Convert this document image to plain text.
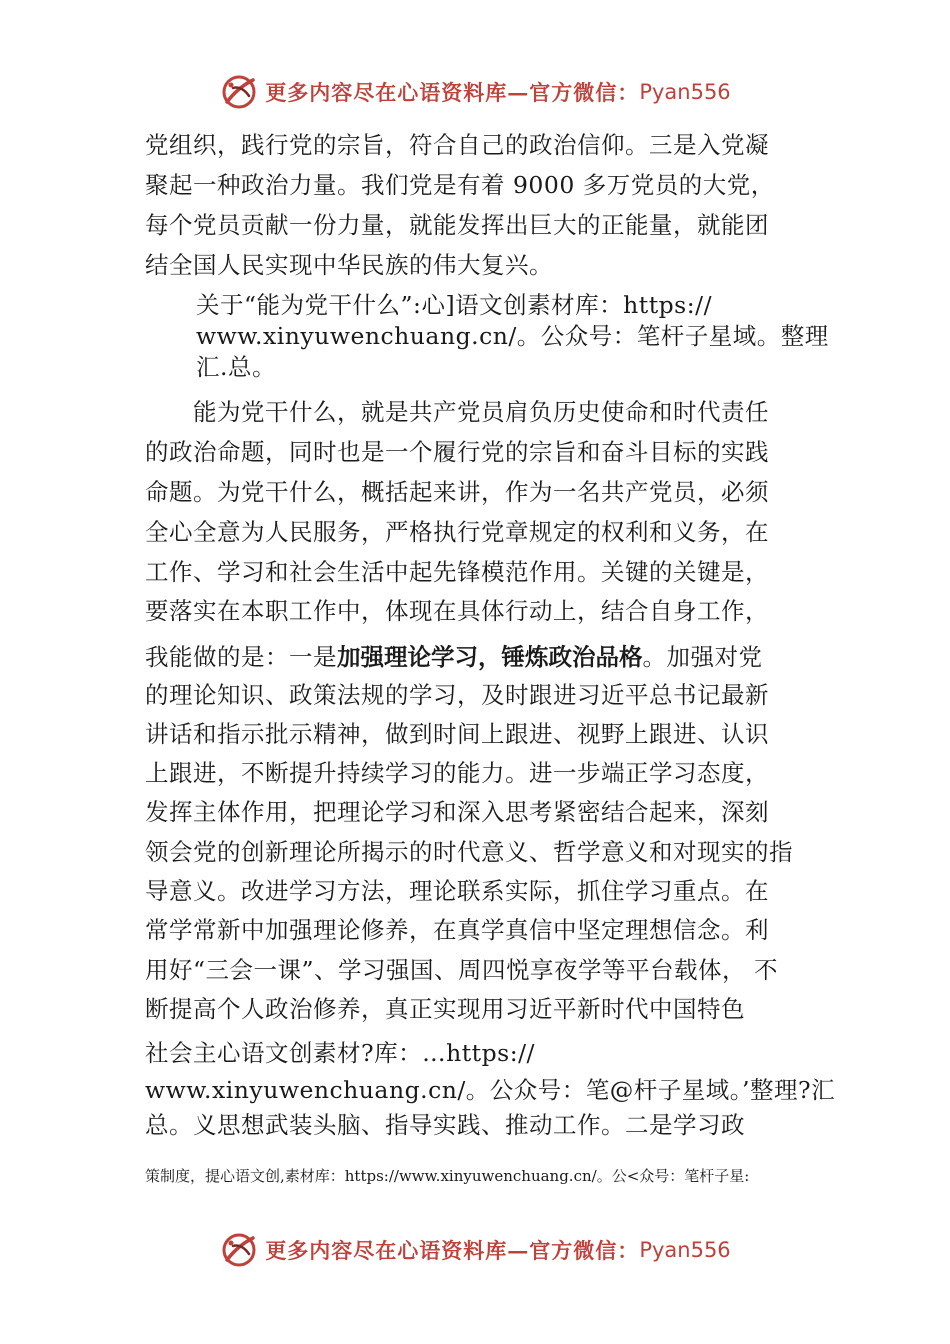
更多内容尽在心语资料库—官方微信： Pyan556

党组织，践行党的宗旨，符合自己的政治信仰。三是入党凝

聚起一种政治力量。我们党是有着 9000 多万党员的大党，

每个党员贡献一份力量，就能发挥出巨大的正能量，就能团

结全国人民实现中华民族的伟大复兴。

关于“能为党干什么”:心]语文创素材库：https://

www.xinyuwenchuang.cn/。公众号：笔杆子星域。整理

汇.总。

　　能为党干什么，就是共产党员肩负历史使命和时代责任

的政治命题，同时也是一个履行党的宗旨和奋斗目标的实践

命题。为党干什么，概括起来讲，作为一名共产党员，必须

全心全意为人民服务，严格执行党章规定的权利和义务，在

工作、学习和社会生活中起先锋模范作用。关键的关键是，

要落实在本职工作中，体现在具体行动上，结合自身工作，

我能做的是：一是加强理论学习，锤炼政治品格。加强对党

的理论知识、政策法规的学习，及时跟进习近平总书记最新

讲话和指示批示精神，做到时间上跟进、视野上跟进、认识

上跟进，不断提升持续学习的能力。进一步端正学习态度，

发挥主体作用，把理论学习和深入思考紧密结合起来，深刻

领会党的创新理论所揭示的时代意义、哲学意义和对现实的指

导意义。改进学习方法，理论联系实际，抓住学习重点。在

常学常新中加强理论修养，在真学真信中坚定理想信念。利

用好“三会一课”、学习强国、周四悦享夜学等平台载体， 不

断提高个人政治修养，真正实现用习近平新时代中国特色

社会主心语文创素材?库：…https://

www.xinyuwenchuang.cn/。公众号：笔@杆子星域。’整理?汇

总。义思想武装头脑、指导实践、推动工作。二是学习政

策制度，提心语文创,素材库：https://www.xinyuwenchuang.cn/。公<众号：笔杆子星:

更多内容尽在心语资料库—官方微信： Pyan556
